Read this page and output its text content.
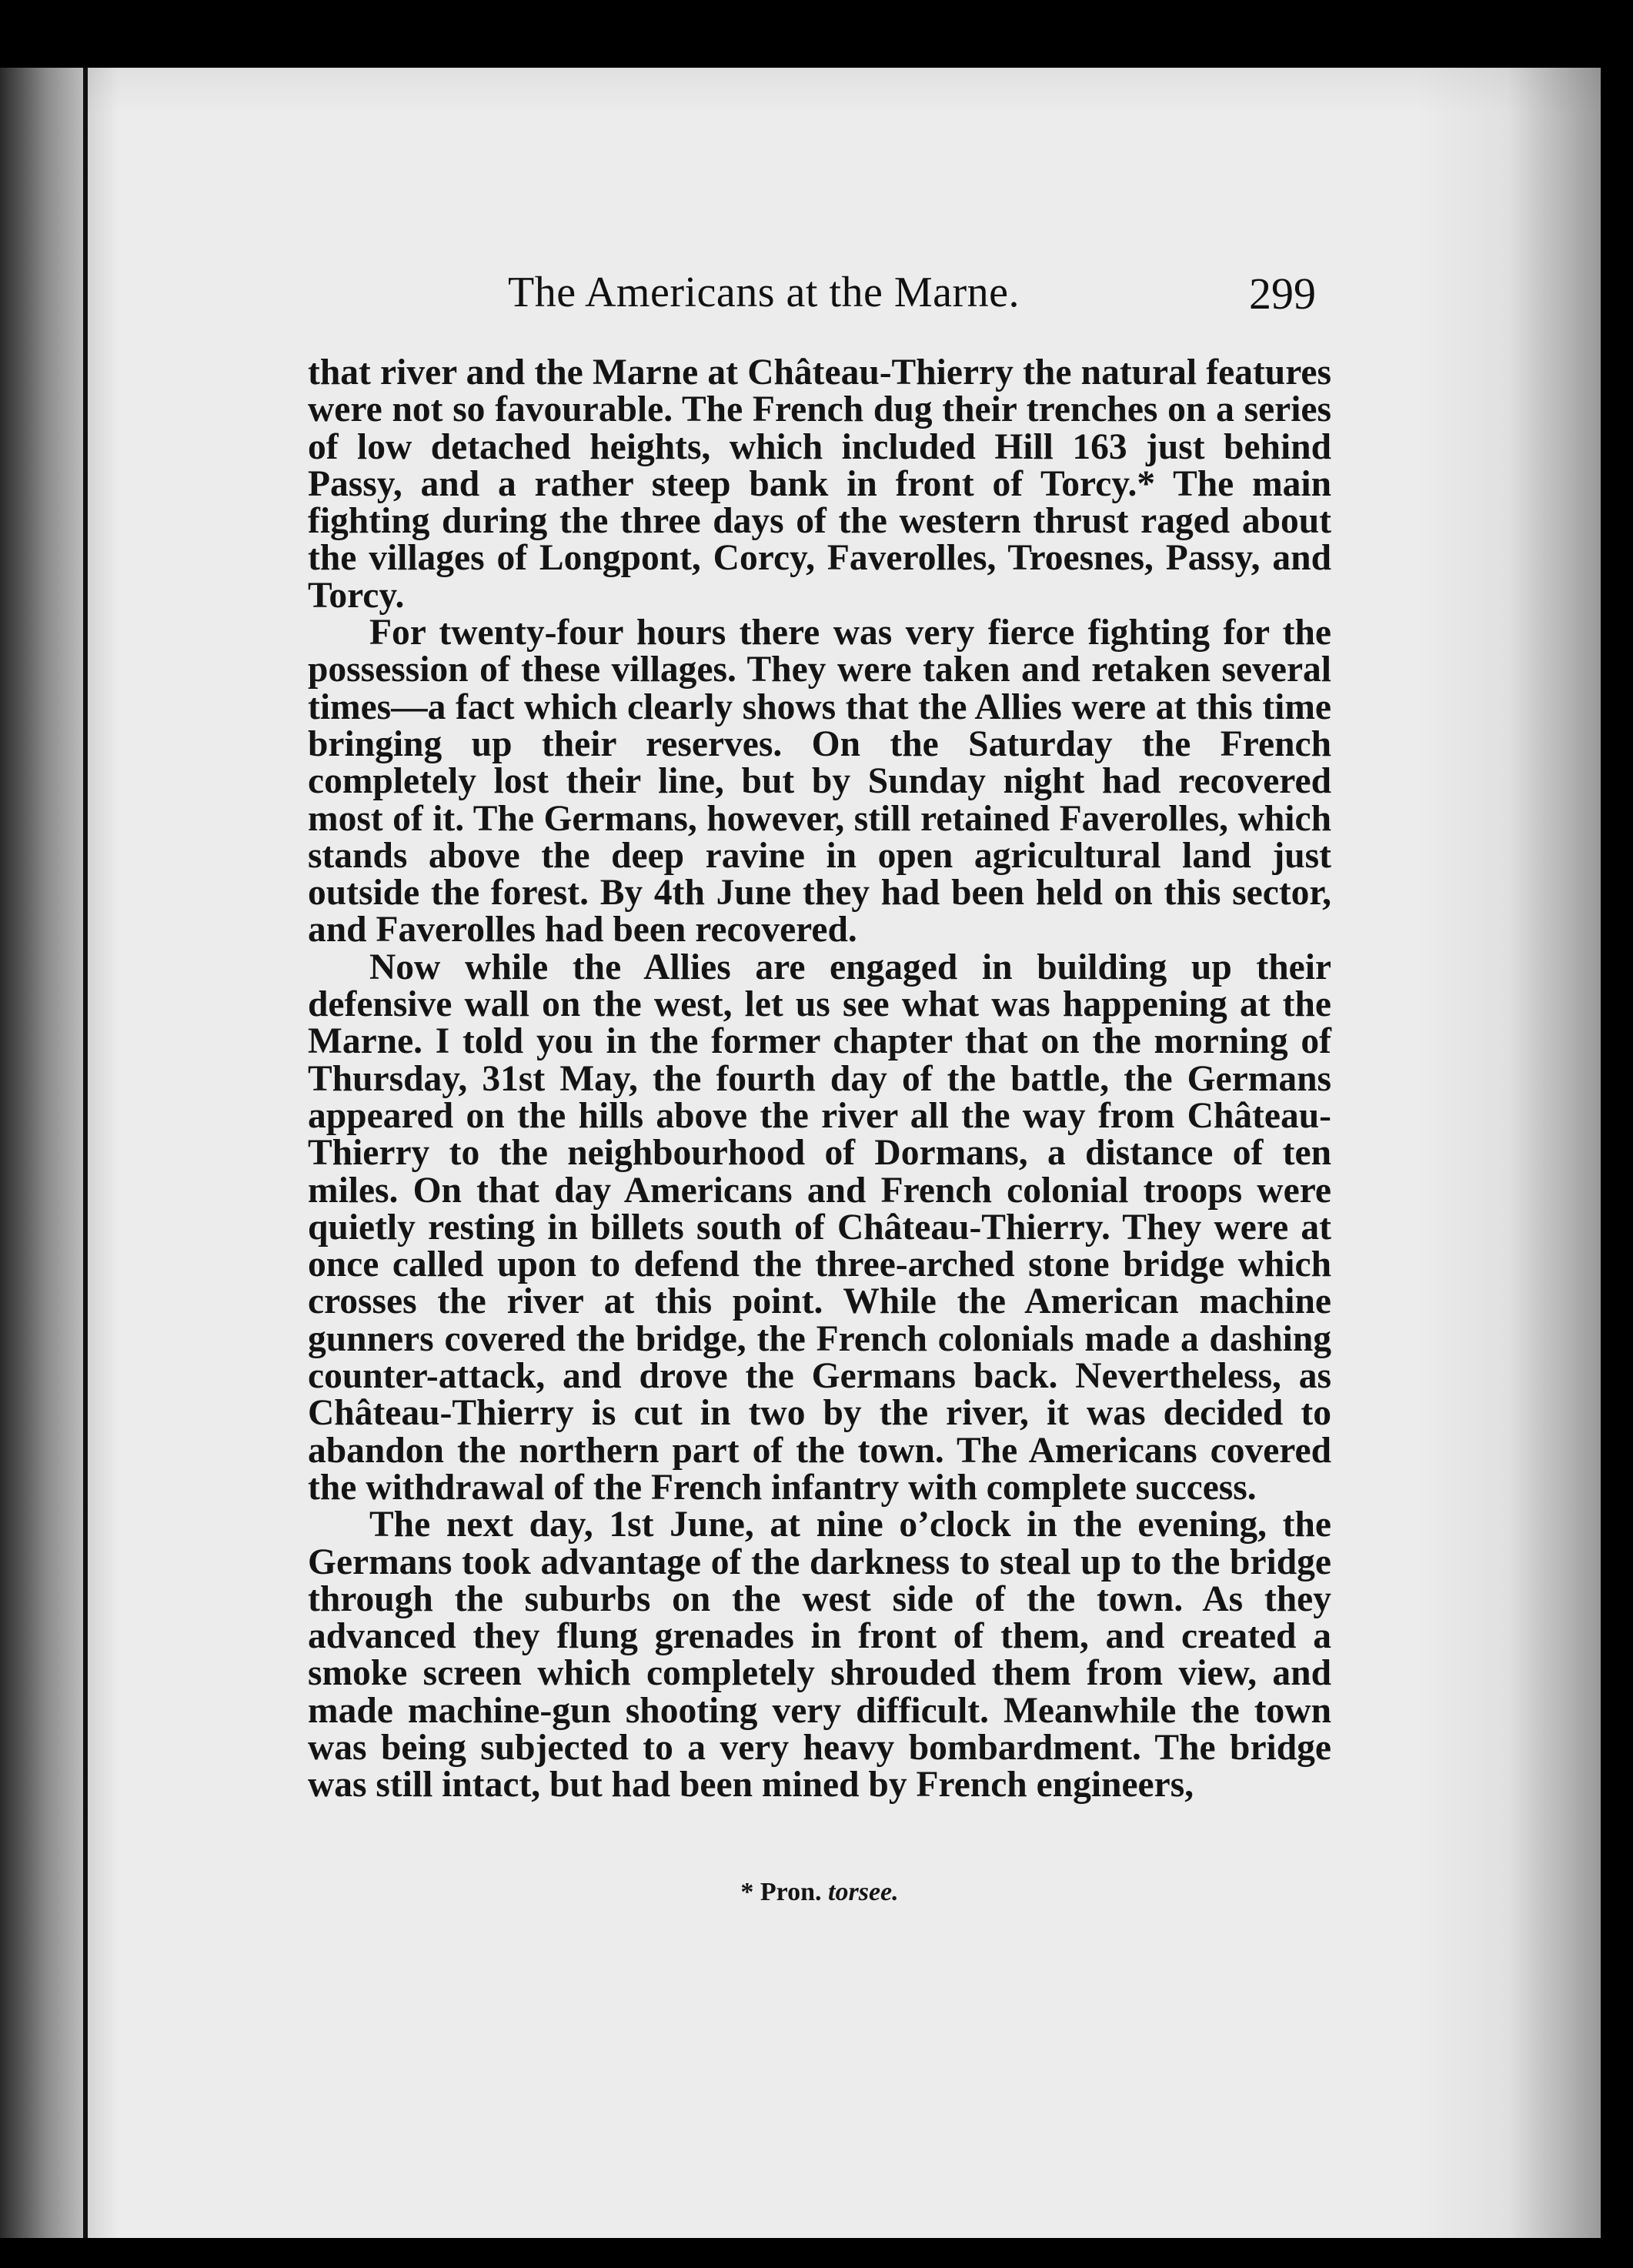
The Americans at the Marne.	299

that river and the Marne at Château-Thierry the natural features were not so favourable. The French dug their trenches on a series of low detached heights, which included Hill 163 just behind Passy, and a rather steep bank in front of Torcy.* The main fighting during the three days of the western thrust raged about the villages of Longpont, Corcy, Faverolles, Troesnes, Passy, and Torcy.

For twenty-four hours there was very fierce fighting for the possession of these villages. They were taken and retaken several times—a fact which clearly shows that the Allies were at this time bringing up their reserves. On the Saturday the French completely lost their line, but by Sunday night had recovered most of it. The Germans, however, still retained Faverolles, which stands above the deep ravine in open agricultural land just outside the forest. By 4th June they had been held on this sector, and Faverolles had been recovered.

Now while the Allies are engaged in building up their defensive wall on the west, let us see what was happening at the Marne. I told you in the former chapter that on the morning of Thursday, 31st May, the fourth day of the battle, the Germans appeared on the hills above the river all the way from Château-Thierry to the neighbourhood of Dormans, a distance of ten miles. On that day Americans and French colonial troops were quietly resting in billets south of Château-Thierry. They were at once called upon to defend the three-arched stone bridge which crosses the river at this point. While the American machine gunners covered the bridge, the French colonials made a dashing counter-attack, and drove the Germans back. Nevertheless, as Château-Thierry is cut in two by the river, it was decided to abandon the northern part of the town. The Americans covered the withdrawal of the French infantry with complete success.

The next day, 1st June, at nine o’clock in the evening, the Germans took advantage of the darkness to steal up to the bridge through the suburbs on the west side of the town. As they advanced they flung grenades in front of them, and created a smoke screen which completely shrouded them from view, and made machine-gun shooting very difficult. Meanwhile the town was being subjected to a very heavy bombardment. The bridge was still intact, but had been mined by French engineers,

* Pron. torsee.
